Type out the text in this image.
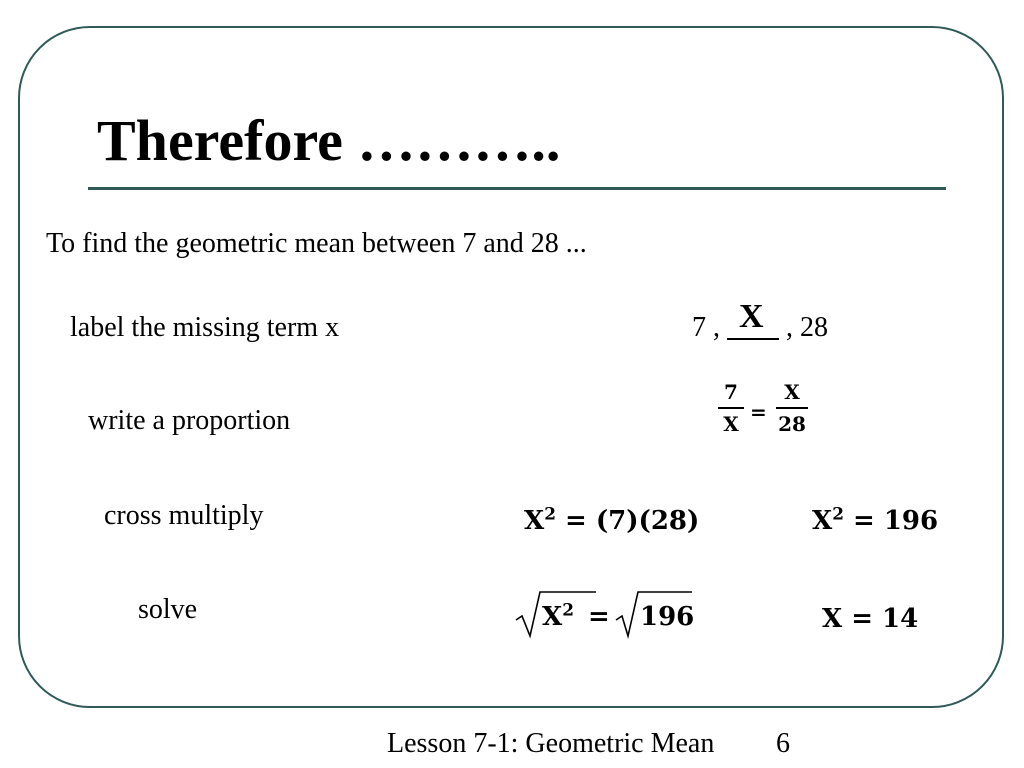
Therefore ………..
To find the geometric mean between 7 and 28 ...
label the missing term x
write a proportion
cross multiply
solve
7 , X , 28
7
X =
X
28
$X^2 = (7)(28)$	$X^2 = 196$
$X^2 = 196$	X = 14
Lesson 7-1: Geometric Mean 6
